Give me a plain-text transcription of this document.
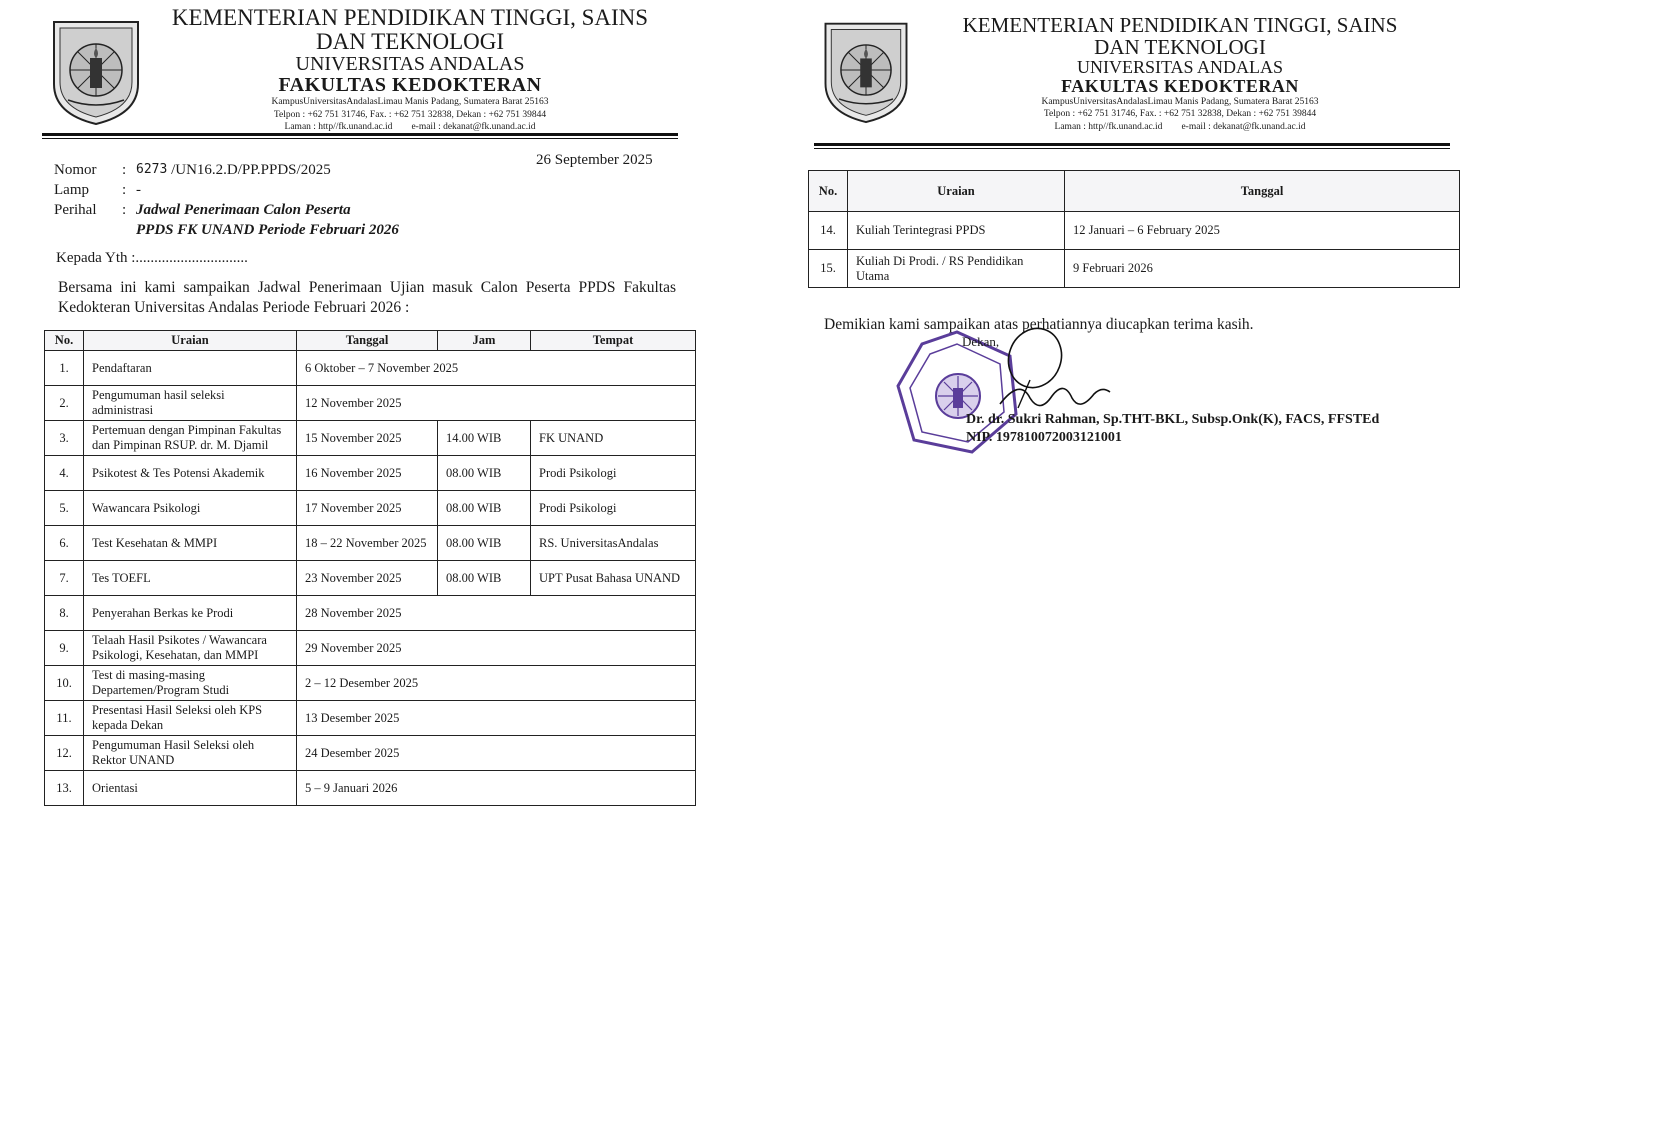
KEMENTERIAN PENDIDIKAN TINGGI, SAINS
DAN TEKNOLOGI
UNIVERSITAS ANDALAS
FAKULTAS KEDOKTERAN
KampusUniversitasAndalasLimau Manis Padang, Sumatera Barat 25163
Telpon : +62 751 31746, Fax. : +62 751 32838, Dekan : +62 751 39844
Laman : http//fk.unand.ac.id e-mail : dekanat@fk.unand.ac.id
Nomor	: 6273
/UN16.2.D/PP.PPDS/2025
Lamp	: -
Perihal	: Jadwal Penerimaan Calon Peserta
PPDS FK UNAND Periode Februari 2026
26 September 2025
Kepada Yth :..............................
Bersama ini kami sampaikan Jadwal Penerimaan Ujian masuk Calon Peserta PPDS Fakultas Kedokteran Universitas Andalas Periode Februari 2026 :
No.	Uraian	Tanggal	Jam	Tempat
1.	Pendaftaran	6 Oktober – 7 November 2025		
2.	Pengumuman hasil seleksi administrasi	12 November 2025		
3.	Pertemuan dengan Pimpinan Fakultas dan Pimpinan RSUP. dr. M. Djamil	15 November 2025	14.00 WIB	FK UNAND
4.	Psikotest & Tes Potensi Akademik	16 November 2025	08.00 WIB	Prodi Psikologi
5.	Wawancara Psikologi	17 November 2025	08.00 WIB	Prodi Psikologi
6.	Test Kesehatan & MMPI	18 – 22 November 2025	08.00 WIB	RS. UniversitasAndalas
7.	Tes TOEFL	23 November 2025	08.00 WIB	UPT Pusat Bahasa UNAND
8.	Penyerahan Berkas ke Prodi	28 November 2025		
9.	Telaah Hasil Psikotes / Wawancara Psikologi, Kesehatan, dan MMPI	29 November 2025		
10.	Test di masing-masing Departemen/Program Studi	2 – 12 Desember 2025		
11.	Presentasi Hasil Seleksi oleh KPS kepada Dekan	13 Desember 2025		
12.	Pengumuman Hasil Seleksi oleh Rektor UNAND	24 Desember 2025		
13.	Orientasi	5 – 9 Januari 2026		
KEMENTERIAN PENDIDIKAN TINGGI, SAINS
DAN TEKNOLOGI
UNIVERSITAS ANDALAS
FAKULTAS KEDOKTERAN
KampusUniversitasAndalasLimau Manis Padang, Sumatera Barat 25163
Telpon : +62 751 31746, Fax. : +62 751 32838, Dekan : +62 751 39844
Laman : http//fk.unand.ac.id e-mail : dekanat@fk.unand.ac.id
No.	Uraian	Tanggal
14.	Kuliah Terintegrasi PPDS	12 Januari – 6 February 2025
15.	Kuliah Di Prodi. / RS Pendidikan Utama	9 Februari 2026
Demikian kami sampaikan atas perhatiannya diucapkan terima kasih.
Dekan,
Dr. dr. Sukri Rahman, Sp.THT-BKL, Subsp.Onk(K), FACS, FFSTEd
NIP. 197810072003121001
